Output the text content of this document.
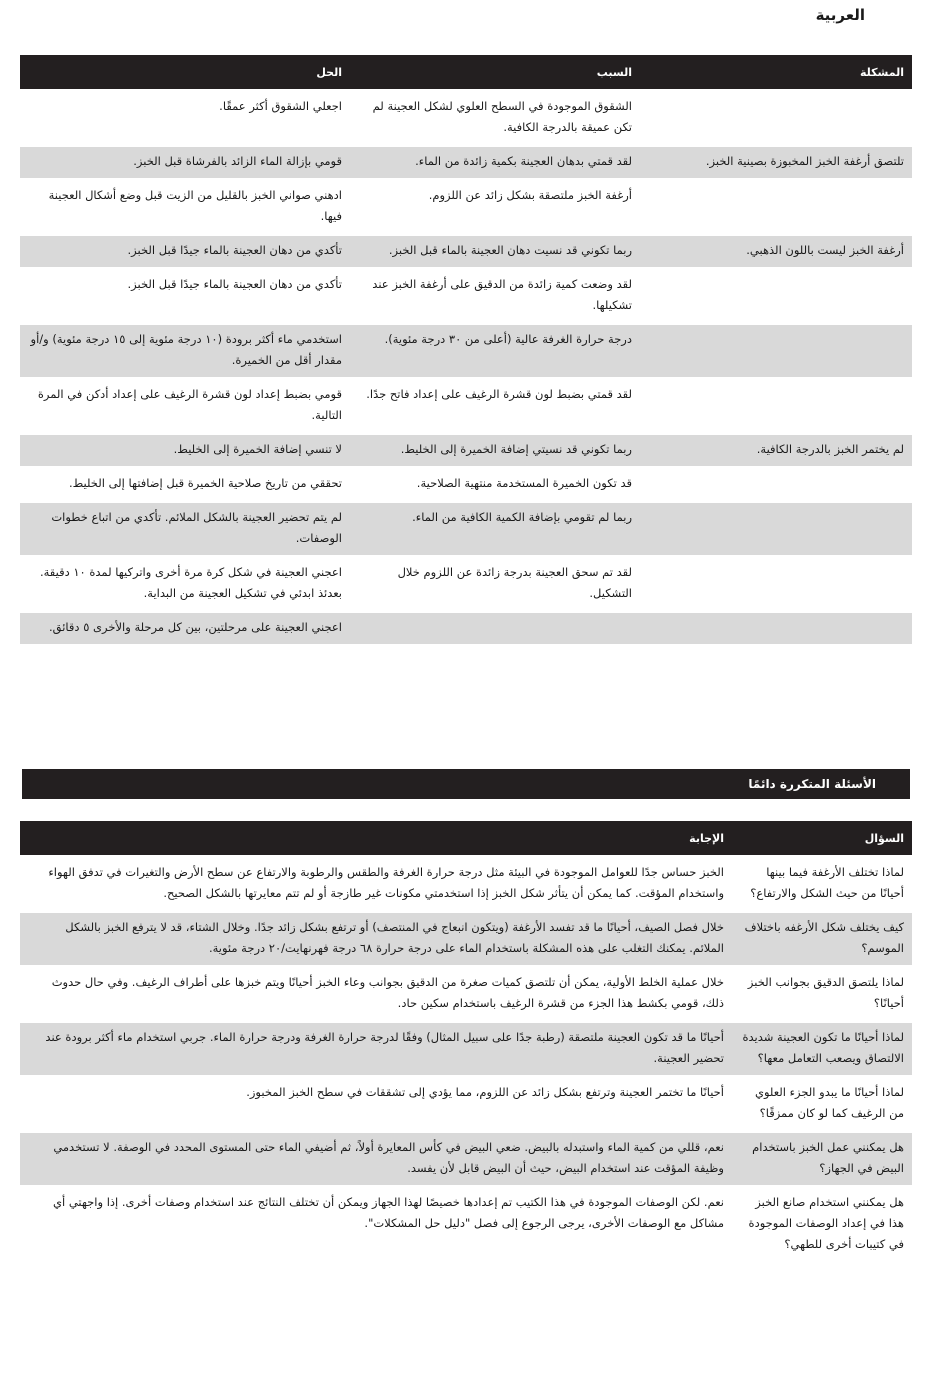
العربية
المشكلة	السبب	الحل

	الشقوق الموجودة في السطح العلوي لشكل العجينة لم تكن عميقة بالدرجة الكافية.	اجعلي الشقوق أكثر عمقًا.

تلتصق أرغفة الخبز المخبوزة بصينية الخبز.	لقد قمتي بدهان العجينة بكمية زائدة من الماء.	قومي بإزالة الماء الزائد بالفرشاة قبل الخبز.

	أرغفة الخبز ملتصقة بشكل زائد عن اللزوم.	ادهني صواني الخبز بالقليل من الزيت قبل وضع أشكال العجينة فيها.

أرغفة الخبز ليست باللون الذهبي.	ربما تكوني قد نسيت دهان العجينة بالماء قبل الخبز.	تأكدي من دهان العجينة بالماء جيدًا قبل الخبز.

	لقد وضعت كمية زائدة من الدقيق على أرغفة الخبز عند تشكيلها.	تأكدي من دهان العجينة بالماء جيدًا قبل الخبز.

	درجة حرارة الغرفة عالية (أعلى من ٣٠ درجة مئوية).	استخدمي ماء أكثر برودة (١٠ درجة مئوية إلى ١٥ درجة مئوية) و/أو مقدار أقل من الخميرة.

	لقد قمتي بضبط لون قشرة الرغيف على إعداد فاتح جدًا.	قومي بضبط إعداد لون قشرة الرغيف على إعداد أدكن في المرة التالية.

لم يختمر الخبز بالدرجة الكافية.	ربما تكوني قد نسيتي إضافة الخميرة إلى الخليط.	لا تنسي إضافة الخميرة إلى الخليط.

	قد تكون الخميرة المستخدمة منتهية الصلاحية.	تحققي من تاريخ صلاحية الخميرة قبل إضافتها إلى الخليط.

	ربما لم تقومي بإضافة الكمية الكافية من الماء.	لم يتم تحضير العجينة بالشكل الملائم. تأكدي من اتباع خطوات الوصفات.

	لقد تم سحق العجينة بدرجة زائدة عن اللزوم خلال التشكيل.	اعجني العجينة في شكل كرة مرة أخرى واتركيها لمدة ١٠ دقيقة. بعدئذ ابدئي في تشكيل العجينة من البداية.

		اعجني العجينة على مرحلتين، بين كل مرحلة والأخرى ٥ دقائق.
الأسئلة المتكررة دائمًا
السؤال	الإجابة

لماذا تختلف الأرغفة فيما بينها أحيانًا من حيث الشكل والارتفاع؟	الخبز حساس جدًا للعوامل الموجودة في البيئة مثل درجة حرارة الغرفة والطقس والرطوبة والارتفاع عن سطح الأرض والتغيرات في تدفق الهواء واستخدام المؤقت. كما يمكن أن يتأثر شكل الخبز إذا استخدمتي مكونات غير طازجة أو لم تتم معايرتها بالشكل الصحيح.

كيف يختلف شكل الأرغفه باختلاف الموسم؟	خلال فصل الصيف، أحيانًا ما قد تفسد الأرغفة (ويتكون انبعاج في المنتصف) أو ترتفع بشكل زائد جدًا. وخلال الشتاء، قد لا يترفع الخبز بالشكل الملائم. يمكنك التغلب على هذه المشكلة باستخدام الماء على درجة حرارة ٦٨ درجة فهرنهايت/٢٠ درجة مئوية.

لماذا يلتصق الدقيق بجوانب الخبز أحيانًا؟	خلال عملية الخلط الأولية، يمكن أن تلتصق كميات صغرة من الدقيق بجوانب وعاء الخبز أحيانًا ويتم خبزها على أطراف الرغيف. وفي حال حدوث ذلك، قومي بكشط هذا الجزء من قشرة الرغيف باستخدام سكين حاد.

لماذا أحيانًا ما تكون العجينة شديدة الالتصاق ويصعب التعامل معها؟	أحيانًا ما قد تكون العجينة ملتصقة (رطبة جدًا على سبيل المثال) وفقًا لدرجة حرارة الغرفة ودرجة حرارة الماء. جربي استخدام ماء أكثر برودة عند تحضير العجينة.

لماذا أحيانًا ما يبدو الجزء العلوي من الرغيف كما لو كان ممزقًا؟	أحيانًا ما تختمر العجينة وترتفع بشكل زائد عن اللزوم، مما يؤدي إلى تشققات في سطح الخبز المخبوز.

هل يمكنني عمل الخبز باستخدام البيض في الجهاز؟	نعم، قللي من كمية الماء واستبدله بالبيض. ضعي البيض في كأس المعايرة أولاً، ثم أضيفي الماء حتى المستوى المحدد في الوصفة. لا تستخدمي وظيفة المؤقت عند استخدام البيض، حيث أن البيض قابل لأن يفسد.

هل يمكنني استخدام صانع الخبز هذا في إعداد الوصفات الموجودة في كتيبات أخرى للطهي؟	نعم. لكن الوصفات الموجودة في هذا الكتيب تم إعدادها خصيصًا لهذا الجهاز ويمكن أن تختلف النتائج عند استخدام وصفات أخرى. إذا واجهتي أي مشاكل مع الوصفات الأخرى، يرجى الرجوع إلى فصل "دليل حل المشكلات".
